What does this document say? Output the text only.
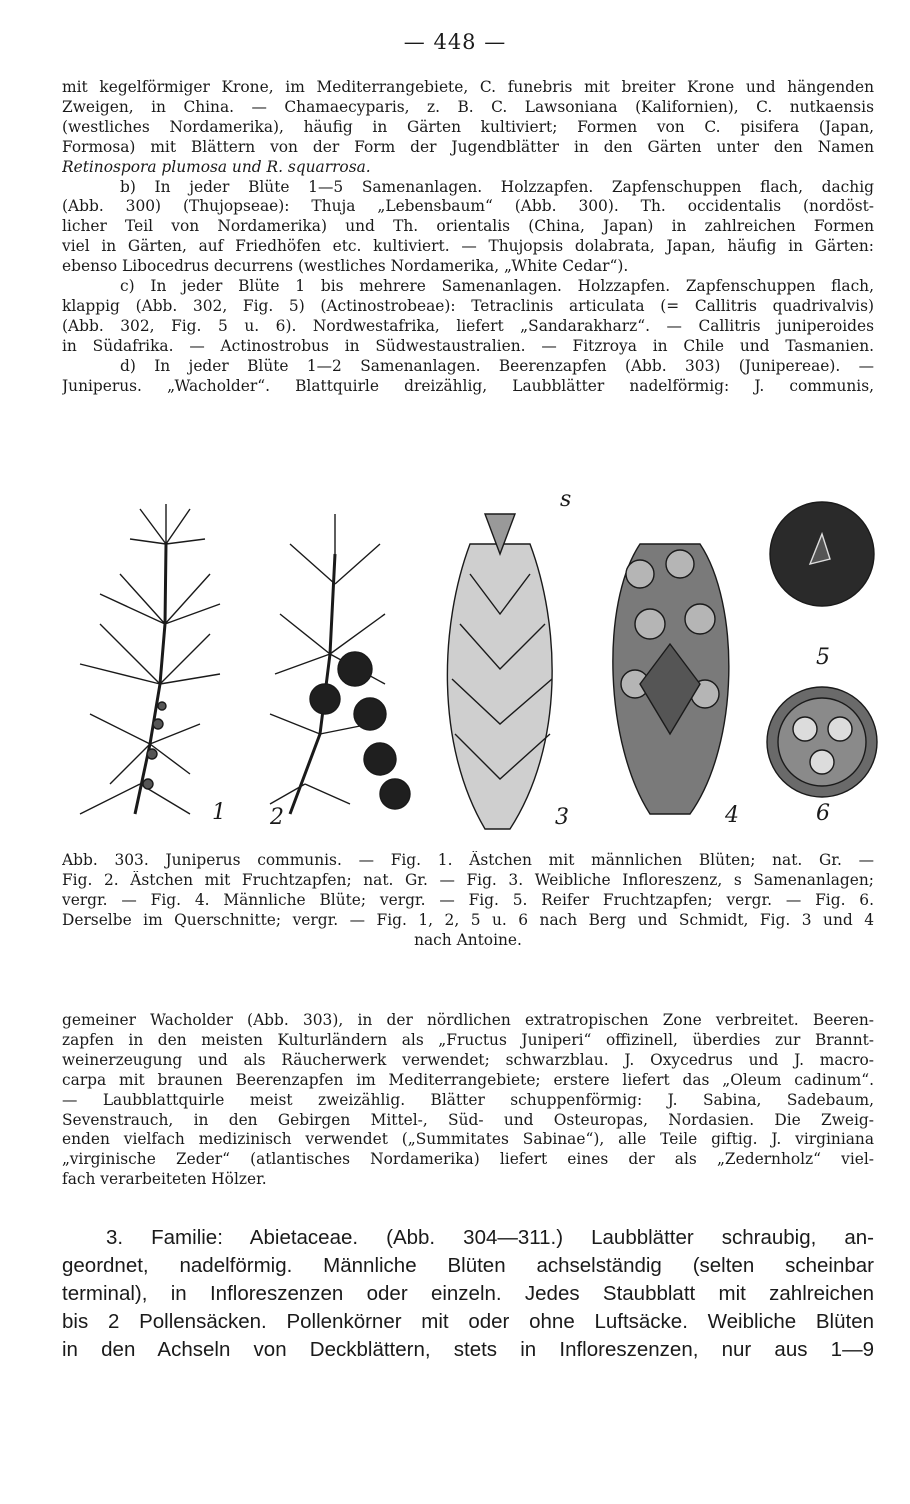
— 448 —
mit kegelförmiger Krone, im Mediterrangebiete, C. funebris mit breiter Krone und hängenden
Zweigen, in China. — Chamaecyparis, z. B. C. Lawsoniana (Kalifornien), C. nutkaensis
(westliches Nordamerika), häufig in Gärten kultiviert; Formen von C. pisifera (Japan,
Formosa) mit Blättern von der Form der Jugendblätter in den Gärten unter den Namen
Retinospora plumosa und R. squarrosa.
b) In jeder Blüte 1—5 Samenanlagen. Holzzapfen. Zapfenschuppen flach, dachig
(Abb. 300) (Thujopseae): Thuja „Lebensbaum“ (Abb. 300). Th. occidentalis (nordöst-
licher Teil von Nordamerika) und Th. orientalis (China, Japan) in zahlreichen Formen
viel in Gärten, auf Friedhöfen etc. kultiviert. — Thujopsis dolabrata, Japan, häufig in Gärten:
ebenso Libocedrus decurrens (westliches Nordamerika, „White Cedar“).
c) In jeder Blüte 1 bis mehrere Samenanlagen. Holzzapfen. Zapfenschuppen flach,
klappig (Abb. 302, Fig. 5) (Actinostrobeae): Tetraclinis articulata (= Callitris quadrivalvis)
(Abb. 302, Fig. 5 u. 6). Nordwestafrika, liefert „Sandarakharz“. — Callitris juniperoides
in Südafrika. — Actinostrobus in Südwestaustralien. — Fitzroya in Chile und Tasmanien.
d) In jeder Blüte 1—2 Samenanlagen. Beerenzapfen (Abb. 303) (Junipereae). —
Juniperus. „Wacholder“. Blattquirle dreizählig, Laubblätter nadelförmig: J. communis,
1 2	3	4
5
6
s
Abb. 303. Juniperus communis. — Fig. 1. Ästchen mit männlichen Blüten; nat. Gr. —
Fig. 2. Ästchen mit Fruchtzapfen; nat. Gr. — Fig. 3. Weibliche Infloreszenz, s Samenanlagen;
vergr. — Fig. 4. Männliche Blüte; vergr. — Fig. 5. Reifer Fruchtzapfen; vergr. — Fig. 6.
Derselbe im Querschnitte; vergr. — Fig. 1, 2, 5 u. 6 nach Berg und Schmidt, Fig. 3 und 4
nach Antoine.
gemeiner Wacholder (Abb. 303), in der nördlichen extratropischen Zone verbreitet. Beeren-
zapfen in den meisten Kulturländern als „Fructus Juniperi“ offizinell, überdies zur Brannt-
weinerzeugung und als Räucherwerk verwendet; schwarzblau. J. Oxycedrus und J. macro-
carpa mit braunen Beerenzapfen im Mediterrangebiete; erstere liefert das „Oleum cadinum“.
— Laubblattquirle meist zweizählig. Blätter schuppenförmig: J. Sabina, Sadebaum,
Sevenstrauch, in den Gebirgen Mittel-, Süd- und Osteuropas, Nordasien. Die Zweig-
enden vielfach medizinisch verwendet („Summitates Sabinae“), alle Teile giftig. J. virginiana
„virginische Zeder“ (atlantisches Nordamerika) liefert eines der als „Zedernholz“ viel-
fach verarbeiteten Hölzer.
3. Familie: Abietaceae. (Abb. 304—311.) Laubblätter schraubig, an-
geordnet, nadelförmig. Männliche Blüten achselständig (selten scheinbar
terminal), in Infloreszenzen oder einzeln. Jedes Staubblatt mit zahlreichen
bis 2 Pollensäcken. Pollenkörner mit oder ohne Luftsäcke. Weibliche Blüten
in den Achseln von Deckblättern, stets in Infloreszenzen, nur aus 1—9
